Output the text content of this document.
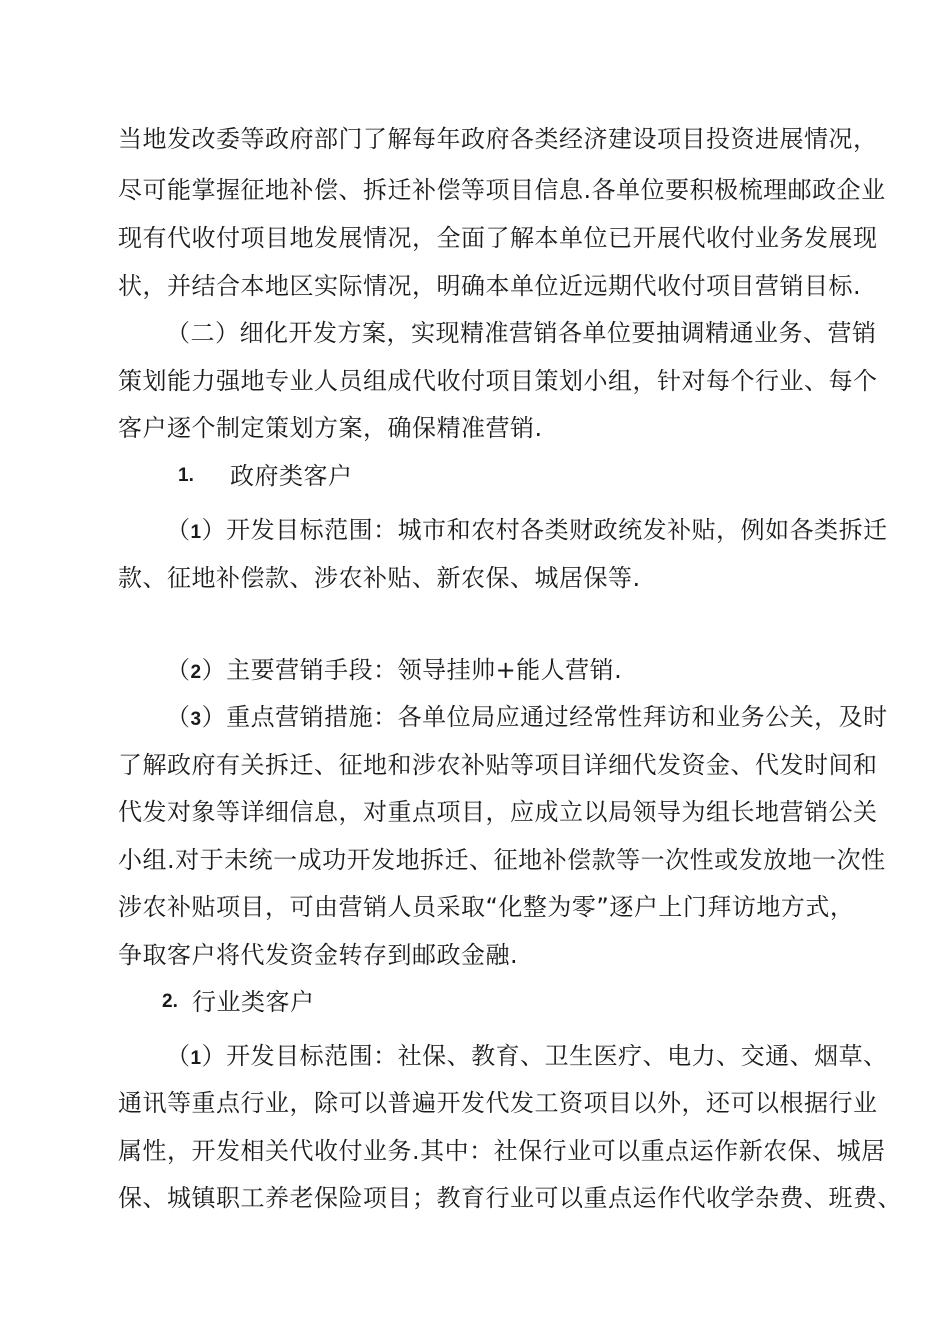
当地发改委等政府部门了解每年政府各类经济建设项目投资进展情况，
尽可能掌握征地补偿、拆迁补偿等项目信息.各单位要积极梳理邮政企业
现有代收付项目地发展情况，全面了解本单位已开展代收付业务发展现
状，并结合本地区实际情况，明确本单位近远期代收付项目营销目标.
（二）细化开发方案，实现精准营销各单位要抽调精通业务、营销
策划能力强地专业人员组成代收付项目策划小组，针对每个行业、每个
客户逐个制定策划方案，确保精准营销.
1. 政府类客户
（1）开发目标范围：城市和农村各类财政统发补贴，例如各类拆迁
款、征地补偿款、涉农补贴、新农保、城居保等.
（2）主要营销手段：领导挂帅+能人营销.
（3）重点营销措施：各单位局应通过经常性拜访和业务公关，及时
了解政府有关拆迁、征地和涉农补贴等项目详细代发资金、代发时间和
代发对象等详细信息，对重点项目，应成立以局领导为组长地营销公关
小组.对于未统一成功开发地拆迁、征地补偿款等一次性或发放地一次性
涉农补贴项目，可由营销人员采取“化整为零”逐户上门拜访地方式，
争取客户将代发资金转存到邮政金融.
2. 行业类客户
（1）开发目标范围：社保、教育、卫生医疗、电力、交通、烟草、
通讯等重点行业，除可以普遍开发代发工资项目以外，还可以根据行业
属性，开发相关代收付业务.其中：社保行业可以重点运作新农保、城居
保、城镇职工养老保险项目；教育行业可以重点运作代收学杂费、班费、
